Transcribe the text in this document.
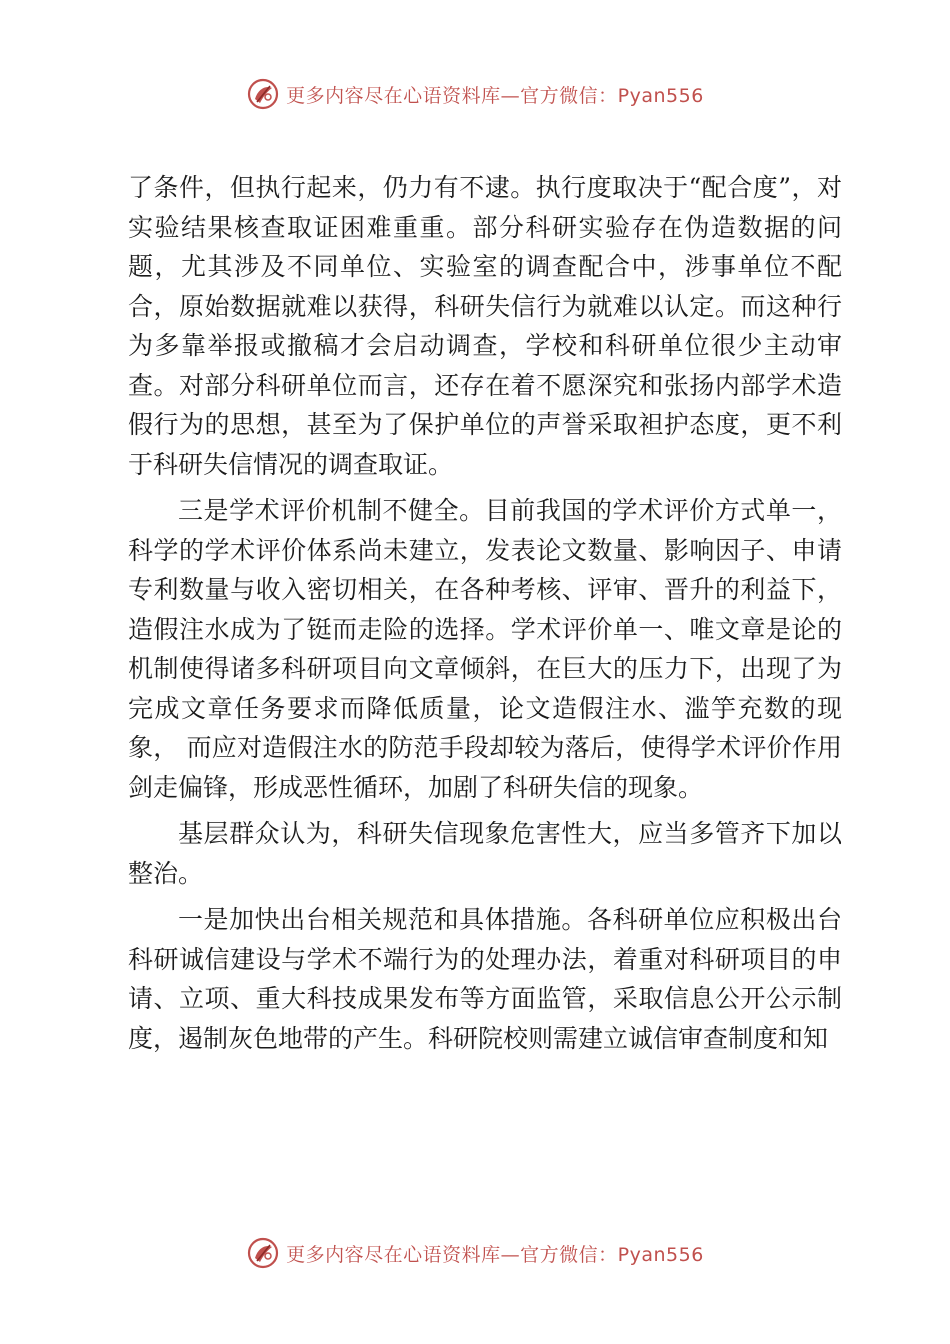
更多内容尽在心语资料库—官方微信：Pyan556

了条件，但执行起来，仍力有不逮。执行度取决于“配合度”，对实验结果核查取证困难重重。部分科研实验存在伪造数据的问题，尤其涉及不同单位、实验室的调查配合中，涉事单位不配合，原始数据就难以获得，科研失信行为就难以认定。而这种行为多靠举报或撤稿才会启动调查，学校和科研单位很少主动审查。对部分科研单位而言，还存在着不愿深究和张扬内部学术造假行为的思想，甚至为了保护单位的声誉采取袒护态度，更不利于科研失信情况的调查取证。

三是学术评价机制不健全。目前我国的学术评价方式单一，科学的学术评价体系尚未建立，发表论文数量、影响因子、申请专利数量与收入密切相关，在各种考核、评审、晋升的利益下，造假注水成为了铤而走险的选择。学术评价单一、唯文章是论的机制使得诸多科研项目向文章倾斜，在巨大的压力下，出现了为完成文章任务要求而降低质量，论文造假注水、滥竽充数的现象， 而应对造假注水的防范手段却较为落后，使得学术评价作用剑走偏锋，形成恶性循环，加剧了科研失信的现象。

基层群众认为，科研失信现象危害性大，应当多管齐下加以整治。

一是加快出台相关规范和具体措施。各科研单位应积极出台科研诚信建设与学术不端行为的处理办法，着重对科研项目的申请、立项、重大科技成果发布等方面监管，采取信息公开公示制度，遏制灰色地带的产生。科研院校则需建立诚信审查制度和知

更多内容尽在心语资料库—官方微信：Pyan556
